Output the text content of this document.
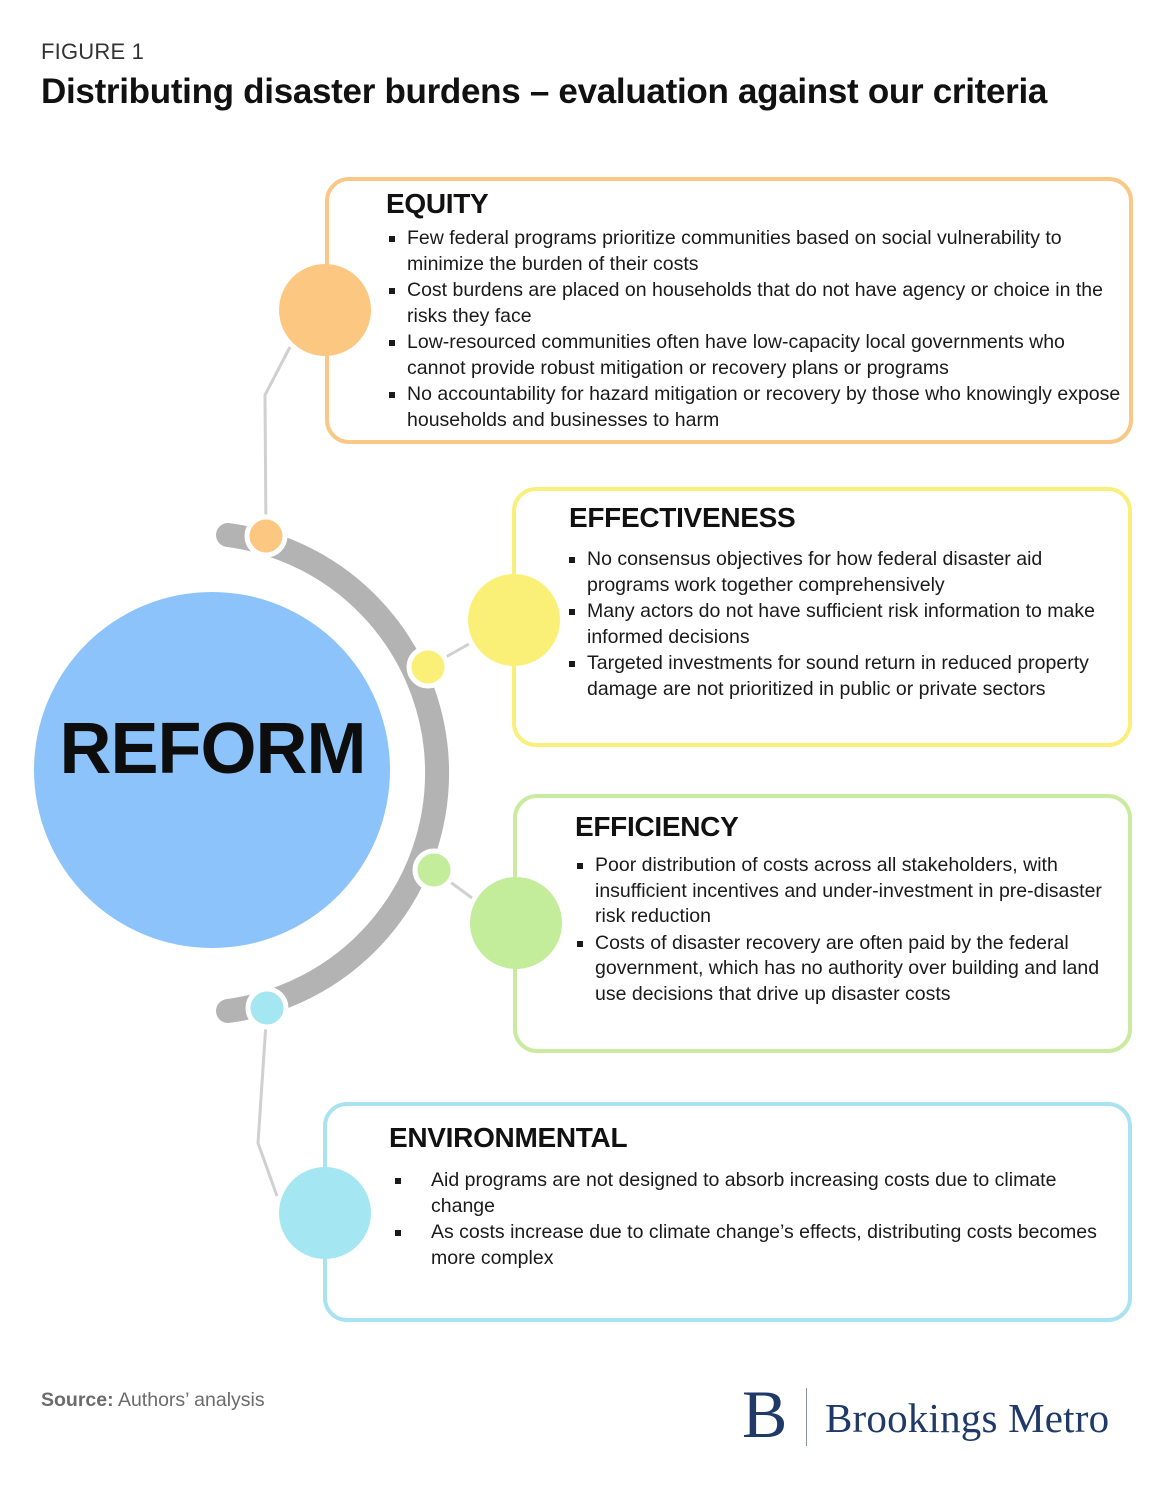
FIGURE 1
Distributing disaster burdens – evaluation against our criteria
REFORM
EQUITY
Few federal programs prioritize communities based on social vulnerability to minimize the burden of their costs
Cost burdens are placed on households that do not have agency or choice in the risks they face
Low-resourced communities often have low-capacity local governments who cannot provide robust mitigation or recovery plans or programs
No accountability for hazard mitigation or recovery by those who knowingly expose households and businesses to harm
EFFECTIVENESS
No consensus objectives for how federal disaster aid programs work together comprehensively
Many actors do not have sufficient risk information to make informed decisions
Targeted investments for sound return in reduced property damage are not prioritized in public or private sectors
EFFICIENCY
Poor distribution of costs across all stakeholders, with insufficient incentives and under-investment in pre-disaster risk reduction
Costs of disaster recovery are often paid by the federal government, which has no authority over building and land use decisions that drive up disaster costs
ENVIRONMENTAL
Aid programs are not designed to absorb increasing costs due to climate change
As costs increase due to climate change’s effects, distributing costs becomes more complex
Source: Authors’ analysis	B Brookings Metro
